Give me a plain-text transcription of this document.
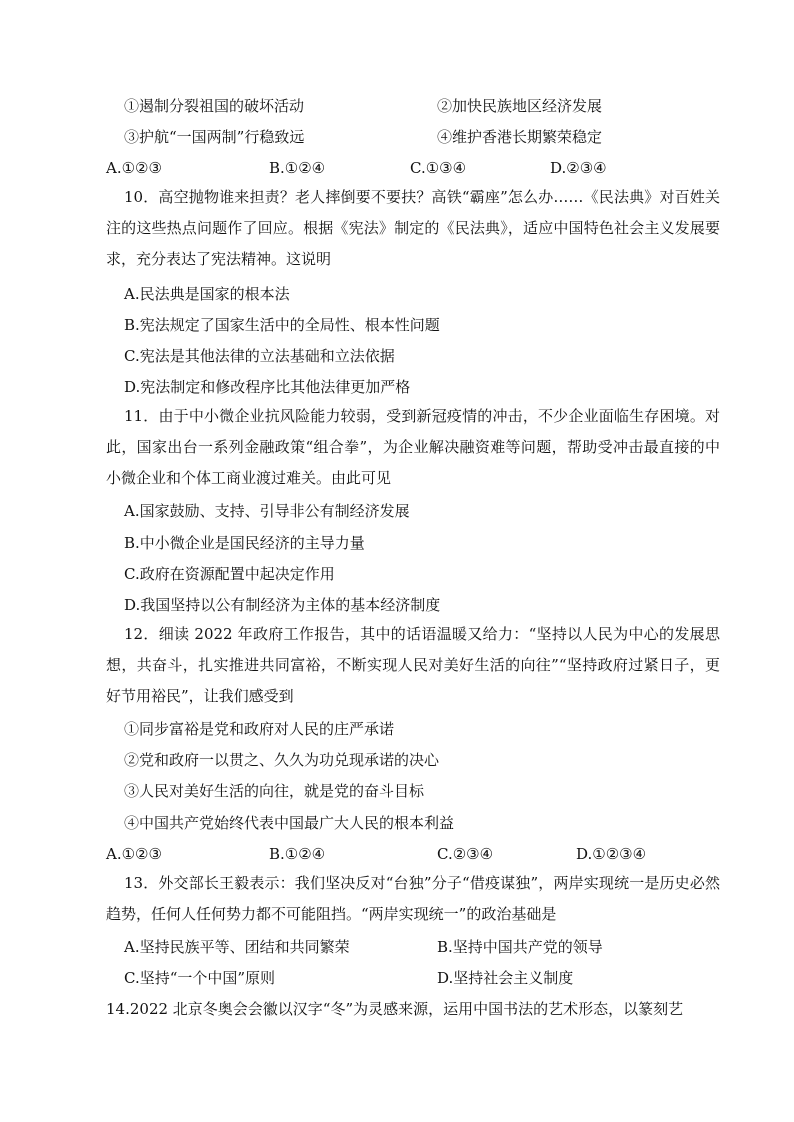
①遏制分裂祖国的破坏活动	②加快民族地区经济发展
③护航“一国两制”行稳致远	④维护香港长期繁荣稳定
A.①②③	B.①②④	C.①③④	D.②③④
10．高空抛物谁来担责？老人摔倒要不要扶？高铁“霸座”怎么办……《民法典》对百姓关注的这些热点问题作了回应。根据《宪法》制定的《民法典》，适应中国特色社会主义发展要求，充分表达了宪法精神。这说明
A.民法典是国家的根本法
B.宪法规定了国家生活中的全局性、根本性问题
C.宪法是其他法律的立法基础和立法依据
D.宪法制定和修改程序比其他法律更加严格
11．由于中小微企业抗风险能力较弱，受到新冠疫情的冲击，不少企业面临生存困境。对此，国家出台一系列金融政策“组合拳”，为企业解决融资难等问题，帮助受冲击最直接的中小微企业和个体工商业渡过难关。由此可见
A.国家鼓励、支持、引导非公有制经济发展
B.中小微企业是国民经济的主导力量
C.政府在资源配置中起决定作用
D.我国坚持以公有制经济为主体的基本经济制度
12．细读 2022 年政府工作报告，其中的话语温暖又给力：“坚持以人民为中心的发展思想，共奋斗，扎实推进共同富裕，不断实现人民对美好生活的向往”“坚持政府过紧日子，更好节用裕民”，让我们感受到
①同步富裕是党和政府对人民的庄严承诺
②党和政府一以贯之、久久为功兑现承诺的决心
③人民对美好生活的向往，就是党的奋斗目标
④中国共产党始终代表中国最广大人民的根本利益
A.①②③	B.①②④	C.②③④	D.①②③④
13．外交部长王毅表示：我们坚决反对“台独”分子“借疫谋独”，两岸实现统一是历史必然趋势，任何人任何势力都不可能阻挡。“两岸实现统一”的政治基础是
A.坚持民族平等、团结和共同繁荣	B.坚持中国共产党的领导
C.坚持“一个中国”原则	D.坚持社会主义制度
14.2022 北京冬奥会会徽以汉字“冬”为灵感来源，运用中国书法的艺术形态，以篆刻艺
